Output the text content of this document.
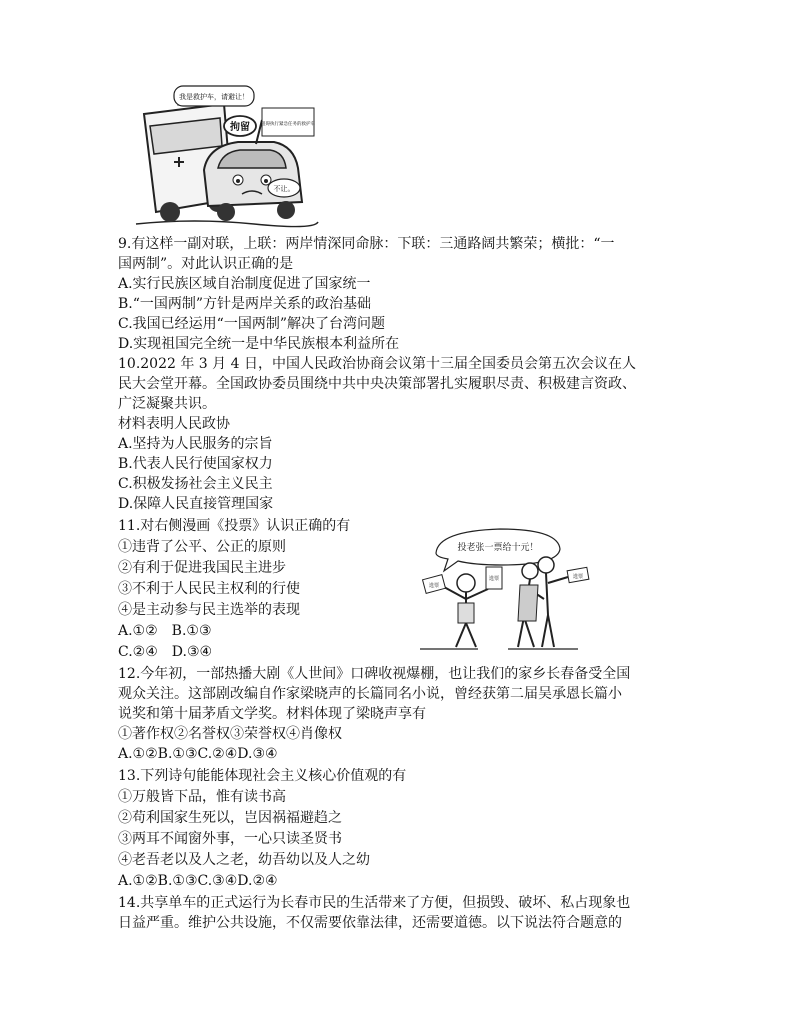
我是救护车，请避让！
拘留 阻碍执行紧急任务的救护车
不让。
投老张一票给十元！
选票
选票	选票
9.有这样一副对联，上联：两岸情深同命脉：下联：三通路阔共繁荣；横批：“一
国两制”。对此认识正确的是
A.实行民族区域自治制度促进了国家统一
B.“一国两制”方针是两岸关系的政治基础
C.我国已经运用“一国两制”解决了台湾问题
D.实现祖国完全统一是中华民族根本利益所在
10.2022 年 3 月 4 日，中国人民政治协商会议第十三届全国委员会第五次会议在人
民大会堂开幕。全国政协委员围绕中共中央决策部署扎实履职尽责、积极建言资政、
广泛凝聚共识。
材料表明人民政协
A.坚持为人民服务的宗旨
B.代表人民行使国家权力
C.积极发扬社会主义民主
D.保障人民直接管理国家
11.对右侧漫画《投票》认识正确的有
①违背了公平、公正的原则
②有利于促进我国民主进步
③不利于人民民主权利的行使
④是主动参与民主选举的表现
A.①②　B.①③
C.②④　D.③④
12.今年初，一部热播大剧《人世间》口碑收视爆棚，也让我们的家乡长春备受全国
观众关注。这部剧改编自作家梁晓声的长篇同名小说，曾经获第二届吴承恩长篇小
说奖和第十届茅盾文学奖。材料体现了梁晓声享有
①著作权②名誉权③荣誉权④肖像权
A.①②B.①③C.②④D.③④
13.下列诗句能能体现社会主义核心价值观的有
①万般皆下品，惟有读书高
②苟利国家生死以，岂因祸福避趋之
③两耳不闻窗外事，一心只读圣贤书
④老吾老以及人之老，幼吾幼以及人之幼
A.①②B.①③C.③④D.②④
14.共享单车的正式运行为长春市民的生活带来了方便，但损毁、破坏、私占现象也
日益严重。维护公共设施，不仅需要依靠法律，还需要道德。以下说法符合题意的
